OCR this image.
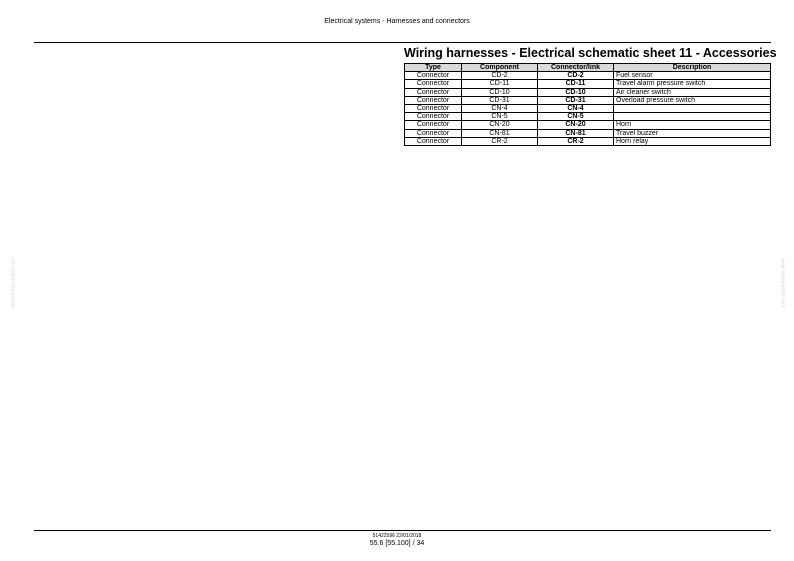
Electrical systems - Harnesses and connectors
Wiring harnesses - Electrical schematic sheet 11 - Accessories
Type	Component	Connector/link	Description
Connector	CD-2	CD-2	Fuel sensor
Connector	CD-11	CD-11	Travel alarm pressure switch
Connector	CD-10	CD-10	Air cleaner switch
Connector	CD-31	CD-31	Overload pressure switch
Connector	CN-4	CN-4	
Connector	CN-5	CN-5	
Connector	CN-20	CN-20	Horn
Connector	CN-81	CN-81	Travel buzzer
Connector	CR-2	CR-2	Horn relay
servicemanualfjeb.com	www.manualsfeb.com
51422596 22/01/2018
55.6 [55.100] / 34
